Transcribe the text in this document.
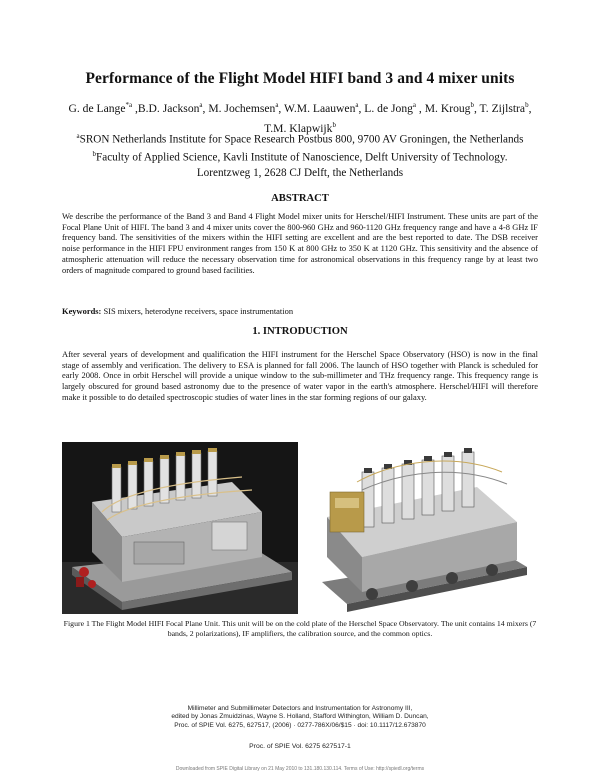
Performance of the Flight Model HIFI band 3 and 4 mixer units
G. de Lange$^{*a}$ ,B.D. Jackson$^a$, M. Jochemsen$^a$, W.M. Laauwen$^a$, L. de Jong$^a$ , M. Kroug$^b$, T. Zijlstra$^b$,
T.M. Klapwijk$^b$
$^a$SRON Netherlands Institute for Space Research Postbus 800, 9700 AV Groningen, the Netherlands
$^b$Faculty of Applied Science, Kavli Institute of Nanoscience, Delft University of Technology.
Lorentzweg 1, 2628 CJ Delft, the Netherlands
ABSTRACT
We describe the performance of the Band 3 and Band 4 Flight Model mixer units for Herschel/HIFI Instrument. These units are part of the Focal Plane Unit of HIFI. The band 3 and 4 mixer units cover the 800-960 GHz and 960-1120 GHz frequency range and have a 4-8 GHz IF frequency band. The sensitivities of the mixers within the HIFI setting are excellent and are the best reported to date. The DSB receiver noise performance in the HIFI FPU environment ranges from 150 K at 800 GHz to 350 K at 1120 GHz. This sensitivity and the absence of atmospheric attenuation will reduce the necessary observation time for astronomical observations in this frequency range by at least two orders of magnitude compared to ground based facilities.
Keywords: SIS mixers, heterodyne receivers, space instrumentation
1. INTRODUCTION
After several years of development and qualification the HIFI instrument for the Herschel Space Observatory (HSO) is now in the final stage of assembly and verification. The delivery to ESA is planned for fall 2006. The launch of HSO together with Planck is scheduled for early 2008. Once in orbit Herschel will provide a unique window to the sub-millimeter and THz frequency range. This frequency range is largely obscured for ground based astronomy due to the presence of water vapor in the earth's atmosphere. Herschel/HIFI will therefore make it possible to do detailed spectroscopic studies of water lines in the star forming regions of our galaxy.
Figure 1 The Flight Model HIFI Focal Plane Unit. This unit will be on the cold plate of the Herschel Space Observatory. The unit contains 14 mixers (7 bands, 2 polarizations), IF amplifiers, the calibration source, and the common optics.
Millimeter and Submillimeter Detectors and Instrumentation for Astronomy III,
edited by Jonas Zmuidzinas, Wayne S. Holland, Stafford Withington, William D. Duncan,
Proc. of SPIE Vol. 6275, 627517, (2006) · 0277-786X/06/$15 · doi: 10.1117/12.673870
Proc. of SPIE Vol. 6275 627517-1
Downloaded from SPIE Digital Library on 21 May 2010 to 131.180.130.114. Terms of Use: http://spiedl.org/terms
